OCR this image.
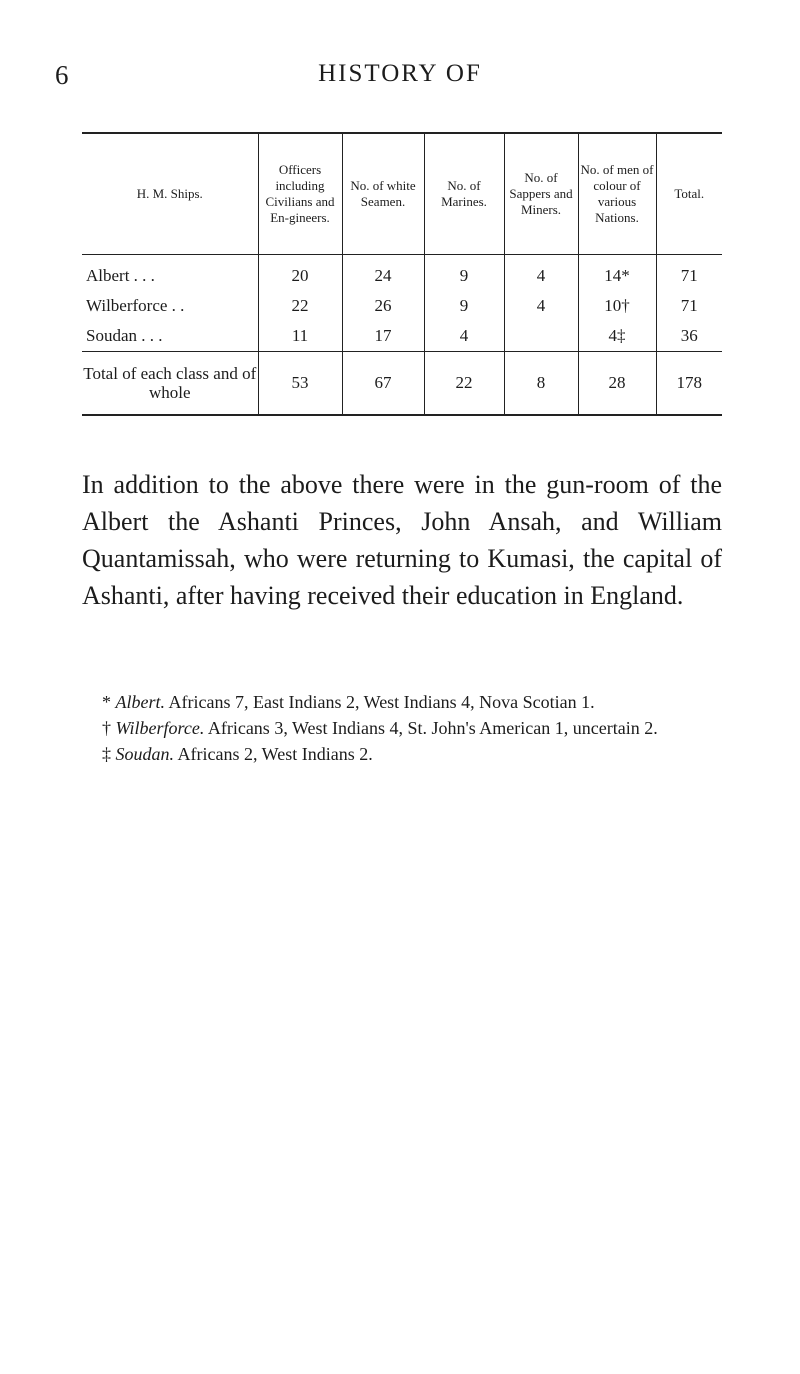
6	HISTORY OF
H. M. Ships.	Officers including Civilians and En-gineers.	No. of white Seamen.	No. of Marines.	No. of Sappers and Miners.	No. of men of colour of various Nations.	Total.
Albert . . .	20	24	9	4	14*	71
Wilberforce . .	22	26	9	4	10†	71
Soudan . . .	11	17	4		4‡	36
Total of each class and of whole	53	67	22	8	28	178

In addition to the above there were in the gun-room of the Albert the Ashanti Princes, John Ansah, and William Quantamissah, who were returning to Kumasi, the capital of Ashanti, after having received their education in England.

* Albert. Africans 7, East Indians 2, West Indians 4, Nova Scotian 1.

† Wilberforce. Africans 3, West Indians 4, St. John's American 1, uncertain 2.

‡ Soudan. Africans 2, West Indians 2.
